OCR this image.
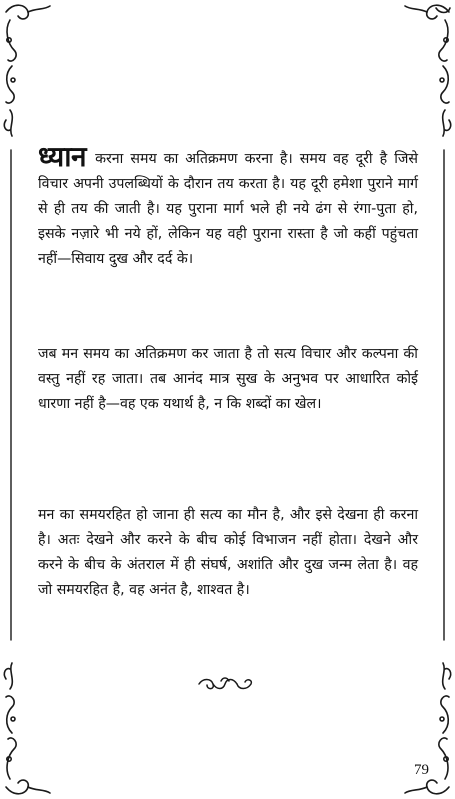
ध्यान करना समय का अतिक्रमण करना है। समय वह दूरी है जिसे विचार अपनी उपलब्धियों के दौरान तय करता है। यह दूरी हमेशा पुराने मार्ग से ही तय की जाती है। यह पुराना मार्ग भले ही नये ढंग से रंगा-पुता हो, इसके नज़ारे भी नये हों, लेकिन यह वही पुराना रास्ता है जो कहीं पहुंचता नहीं—सिवाय दुख और दर्द के।
जब मन समय का अतिक्रमण कर जाता है तो सत्य विचार और कल्पना की वस्तु नहीं रह जाता। तब आनंद मात्र सुख के अनुभव पर आधारित कोई धारणा नहीं है—वह एक यथार्थ है, न कि शब्दों का खेल।
मन का समयरहित हो जाना ही सत्य का मौन है, और इसे देखना ही करना है। अतः देखने और करने के बीच कोई विभाजन नहीं होता। देखने और करने के बीच के अंतराल में ही संघर्ष, अशांति और दुख जन्म लेता है। वह जो समयरहित है, वह अनंत है, शाश्वत है।
79
